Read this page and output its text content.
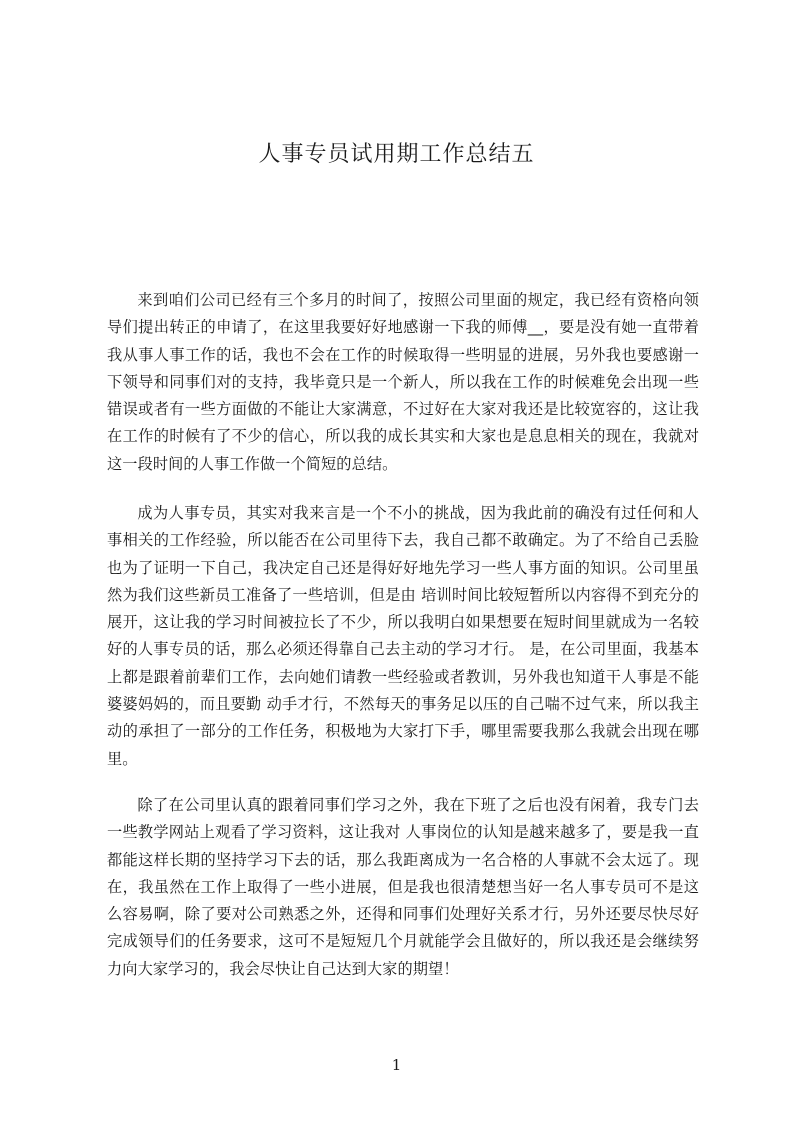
人事专员试用期工作总结五

来到咱们公司已经有三个多月的时间了，按照公司里面的规定，我已经有资格向领导们提出转正的申请了，在这里我要好好地感谢一下我的师傅__，要是没有她一直带着我从事人事工作的话，我也不会在工作的时候取得一些明显的进展，另外我也要感谢一下领导和同事们对的支持，我毕竟只是一个新人，所以我在工作的时候难免会出现一些错误或者有一些方面做的不能让大家满意，不过好在大家对我还是比较宽容的，这让我在工作的时候有了不少的信心，所以我的成长其实和大家也是息息相关的现在，我就对这一段时间的人事工作做一个简短的总结。

成为人事专员，其实对我来言是一个不小的挑战，因为我此前的确没有过任何和人事相关的工作经验，所以能否在公司里待下去，我自己都不敢确定。为了不给自己丢脸也为了证明一下自己，我决定自己还是得好好地先学习一些人事方面的知识。公司里虽然为我们这些新员工准备了一些培训，但是由 培训时间比较短暂所以内容得不到充分的展开，这让我的学习时间被拉长了不少，所以我明白如果想要在短时间里就成为一名较好的人事专员的话，那么必须还得靠自己去主动的学习才行。 是，在公司里面，我基本上都是跟着前辈们工作，去向她们请教一些经验或者教训，另外我也知道干人事是不能婆婆妈妈的，而且要勤 动手才行，不然每天的事务足以压的自己喘不过气来，所以我主动的承担了一部分的工作任务，积极地为大家打下手，哪里需要我那么我就会出现在哪里。

除了在公司里认真的跟着同事们学习之外，我在下班了之后也没有闲着，我专门去一些教学网站上观看了学习资料，这让我对 人事岗位的认知是越来越多了，要是我一直都能这样长期的坚持学习下去的话，那么我距离成为一名合格的人事就不会太远了。现在，我虽然在工作上取得了一些小进展，但是我也很清楚想当好一名人事专员可不是这么容易啊，除了要对公司熟悉之外，还得和同事们处理好关系才行，另外还要尽快尽好完成领导们的任务要求，这可不是短短几个月就能学会且做好的，所以我还是会继续努力向大家学习的，我会尽快让自己达到大家的期望！

1
